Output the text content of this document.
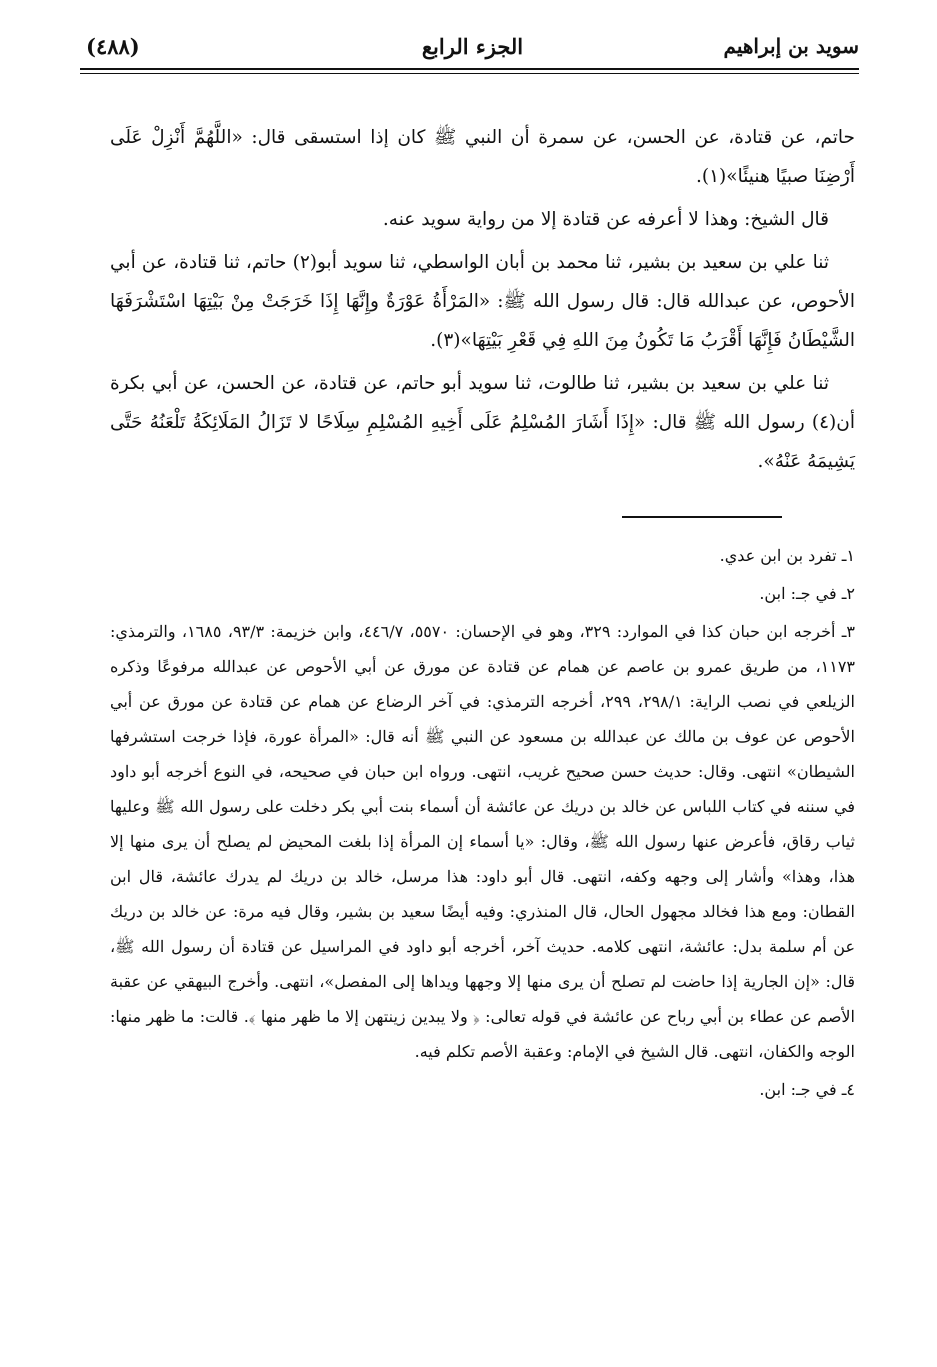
سويد بن إبراهيم
الجزء الرابع
(٤٨٨)

حاتم، عن قتادة، عن الحسن، عن سمرة أن النبي ﷺ كان إذا استسقى قال: «اللَّهُمَّ أَنْزِلْ عَلَى أَرْضِنَا صبيًا هنيئًا»(١).

قال الشيخ: وهذا لا أعرفه عن قتادة إلا من رواية سويد عنه.

ثنا علي بن سعيد بن بشير، ثنا محمد بن أبان الواسطي، ثنا سويد أبو(٢) حاتم، ثنا قتادة، عن أبي الأحوص، عن عبدالله قال: قال رسول الله ﷺ: «المَرْأَةُ عَوْرَةٌ وإِنَّهَا إِذَا خَرَجَتْ مِنْ بَيْتِهَا اسْتَشْرَفَهَا الشَّيْطَانُ فَإِنَّهَا أَقْرَبُ مَا تَكُونُ مِنَ اللهِ فِي قَعْرِ بَيْتِهَا»(٣).

ثنا علي بن سعيد بن بشير، ثنا طالوت، ثنا سويد أبو حاتم، عن قتادة، عن الحسن، عن أبي بكرة أن(٤) رسول الله ﷺ قال: «إِذَا أَشَارَ المُسْلِمُ عَلَى أَخِيهِ المُسْلِمِ سِلَاحًا لا تَزَالُ المَلَائِكَةُ تَلْعَنُهُ حَتَّى يَشِيمَهُ عَنْهُ».

١ـ تفرد بن ابن عدي.

٢ـ في جـ: ابن.

٣ـ أخرجه ابن حبان كذا في الموارد: ٣٢٩، وهو في الإحسان: ٥٥٧٠، ٤٤٦/٧، وابن خزيمة: ٩٣/٣، ١٦٨٥، والترمذي: ١١٧٣، من طريق عمرو بن عاصم عن همام عن قتادة عن مورق عن أبي الأحوص عن عبدالله مرفوعًا وذكره الزيلعي في نصب الراية: ٢٩٨/١، ٢٩٩، أخرجه الترمذي: في آخر الرضاع عن همام عن قتادة عن مورق عن أبي الأحوص عن عوف بن مالك عن عبدالله بن مسعود عن النبي ﷺ أنه قال: «المرأة عورة، فإذا خرجت استشرفها الشيطان» انتهى. وقال: حديث حسن صحيح غريب، انتهى. ورواه ابن حبان في صحيحه، في النوع أخرجه أبو داود في سننه في كتاب اللباس عن خالد بن دريك عن عائشة أن أسماء بنت أبي بكر دخلت على رسول الله ﷺ وعليها ثياب رقاق، فأعرض عنها رسول الله ﷺ، وقال: «يا أسماء إن المرأة إذا بلغت المحيض لم يصلح أن يرى منها إلا هذا، وهذا» وأشار إلى وجهه وكفه، انتهى. قال أبو داود: هذا مرسل، خالد بن دريك لم يدرك عائشة، قال ابن القطان: ومع هذا فخالد مجهول الحال، قال المنذري: وفيه أيضًا سعيد بن بشير، وقال فيه مرة: عن خالد بن دريك عن أم سلمة بدل: عائشة، انتهى كلامه. حديث آخر، أخرجه أبو داود في المراسيل عن قتادة أن رسول الله ﷺ، قال: «إن الجارية إذا حاضت لم تصلح أن يرى منها إلا وجهها ويداها إلى المفصل»، انتهى. وأخرج البيهقي عن عقبة الأصم عن عطاء بن أبي رباح عن عائشة في قوله تعالى: ﴿ ولا يبدين زينتهن إلا ما ظهر منها ﴾. قالت: ما ظهر منها: الوجه والكفان، انتهى. قال الشيخ في الإمام: وعقبة الأصم تكلم فيه.

٤ـ في جـ: ابن.
